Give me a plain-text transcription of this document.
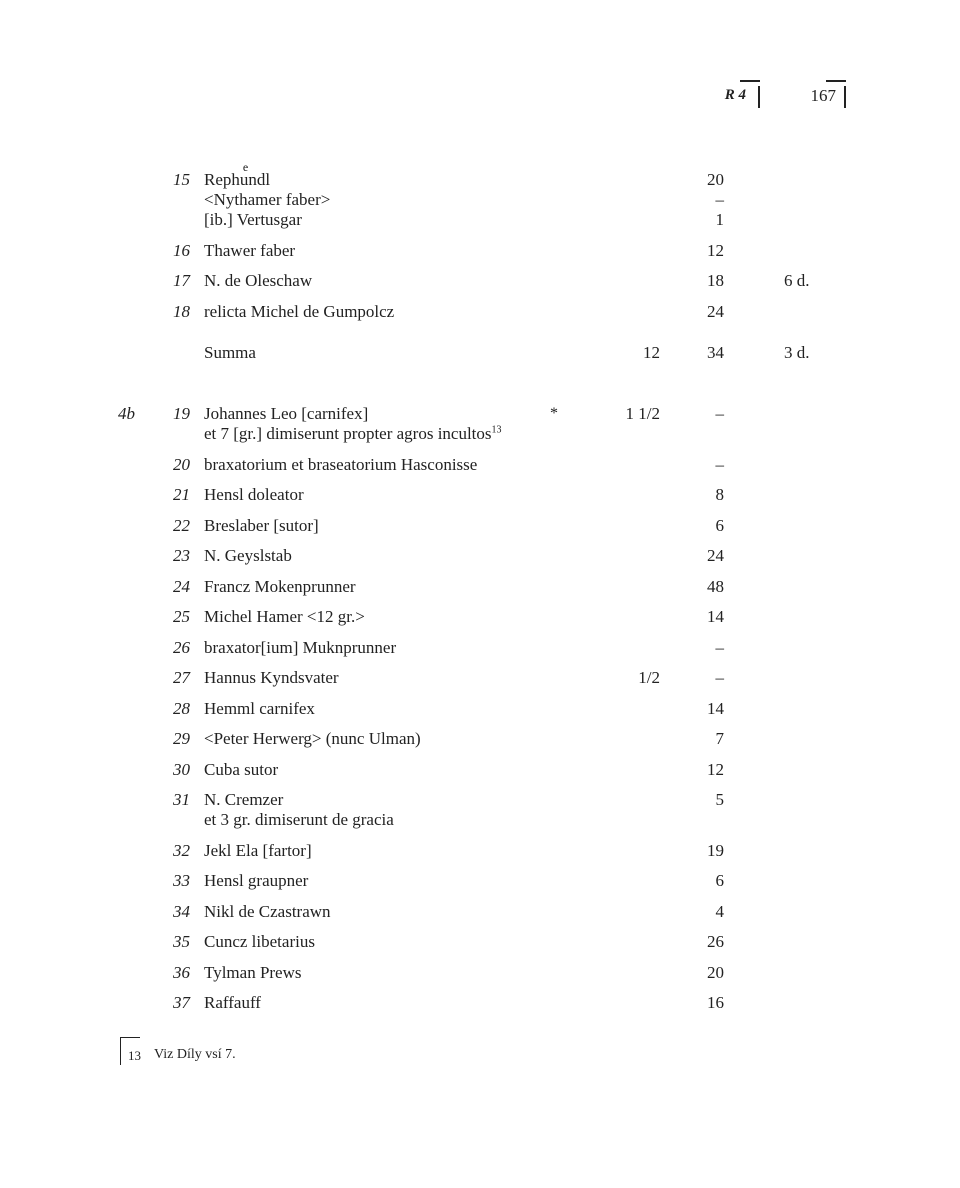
R 4	167
15 Rephe undl	20
<Nythamer faber>	–
[ib.] Vertusgar	1
16 Thawer faber	12
17 N. de Oleschaw	18	6 d.
18 relicta Michel de Gumpolcz	24
Summa	12	34	3 d.
4b	19 Johannes Leo [carnifex]	*	1 1/2	–
et 7 [gr.] dimiserunt propter agros incultos$^{13}$
20 braxatorium et braseatorium Hasconisse	–
21 Hensl doleator	8
22 Breslaber [sutor]	6
23 N. Geyslstab	24
24 Francz Mokenprunner	48
25 Michel Hamer <12 gr.>	14
26 braxator[ium] Muknprunner	–
27 Hannus Kyndsvater	1/2	–
28 Hemml carnifex	14
29 <Peter Herwerg> (nunc Ulman)	7
30 Cuba sutor	12
31 N. Cremzer	5
et 3 gr. dimiserunt de gracia
32 Jekl Ela [fartor]	19
33 Hensl graupner	6
34 Nikl de Czastrawn	4
35 Cuncz libetarius	26
36 Tylman Prews	20
37 Raffauff	16
13 Viz Díly vsí 7.
